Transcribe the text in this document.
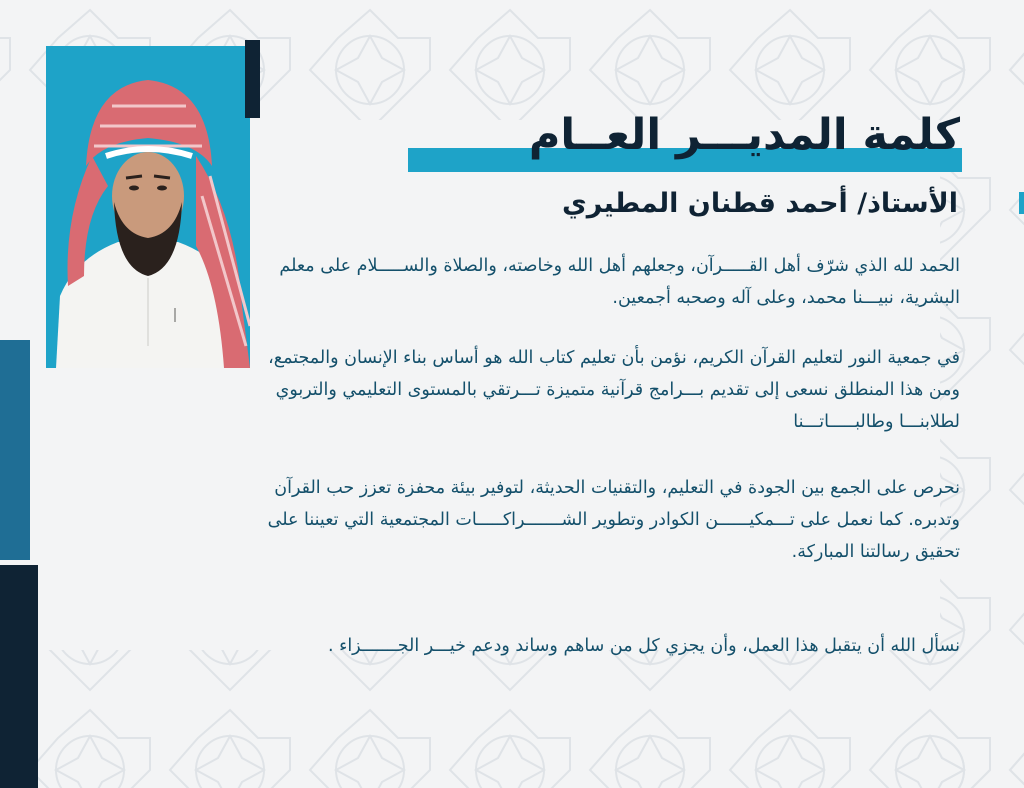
كلمة المديـــر العــام
الأستاذ/ أحمد قطنان المطيري

الحمد لله الذي شرّف أهل القـــــرآن، وجعلهم أهل الله وخاصته، والصلاة والســـــلام على معلم البشرية، نبيـــنا محمد، وعلى آله وصحبه أجمعين.

في جمعية النور لتعليم القرآن الكريم، نؤمن بأن تعليم كتاب الله هو أساس بناء الإنسان والمجتمع، ومن هذا المنطلق نسعى إلى تقديم بـــرامج قرآنية متميزة تـــرتقي بالمستوى التعليمي والتربوي لطلابنـــا وطالبـــــاتـــنا

نحرص على الجمع بين الجودة في التعليم، والتقنيات الحديثة، لتوفير بيئة محفزة تعزز حب القرآن وتدبره. كما نعمل على تـــمكيــــــن الكوادر وتطوير الشـــــــراكـــــات المجتمعية التي تعيننا على تحقيق رسالتنا المباركة.

نسأل الله أن يتقبل هذا العمل، وأن يجزي كل من ساهم وساند ودعم خيـــر الجـــــــزاء .
